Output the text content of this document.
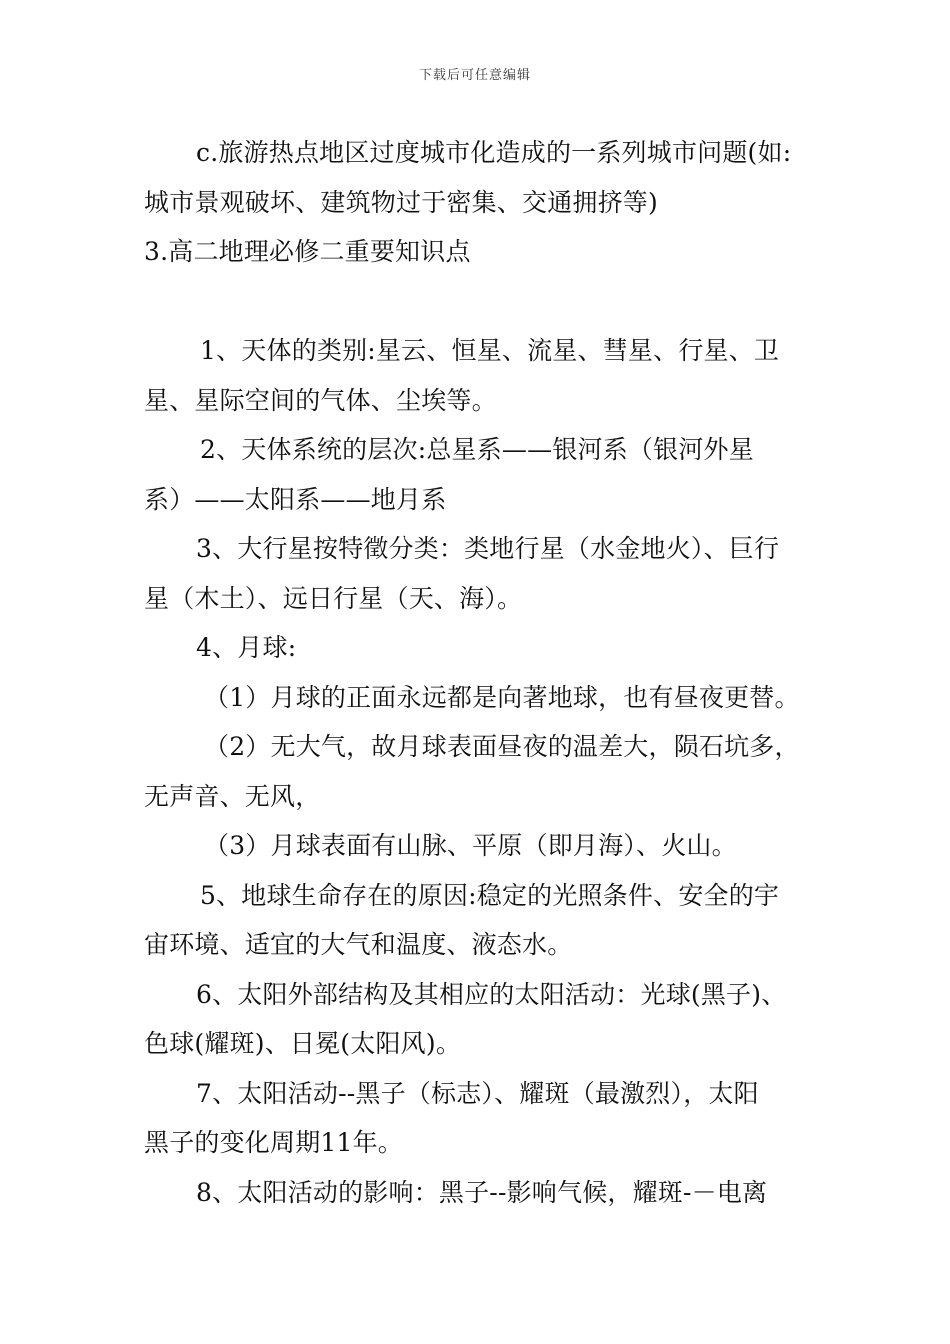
下载后可任意编辑
c.旅游热点地区过度城市化造成的一系列城市问题(如:
城市景观破坏、建筑物过于密集、交通拥挤等)
3.高二地理必修二重要知识点
1、天体的类别:星云、恒星、流星、彗星、行星、卫
星、星际空间的气体、尘埃等。
2、天体系统的层次:总星系——银河系（银河外星
系）——太阳系——地月系
3、大行星按特徵分类：类地行星（水金地火）、巨行
星（木土）、远日行星（天、海）。
4、月球:
（1）月球的正面永远都是向著地球，也有昼夜更替。
（2）无大气，故月球表面昼夜的温差大，陨石坑多，
无声音、无风，
（3）月球表面有山脉、平原（即月海）、火山。
5、地球生命存在的原因:稳定的光照条件、安全的宇
宙环境、适宜的大气和温度、液态水。
6、太阳外部结构及其相应的太阳活动：光球(黑子)、
色球(耀斑)、日冕(太阳风)。
7、太阳活动--黑子（标志）、耀斑（最激烈），太阳
黑子的变化周期11年。
8、太阳活动的影响：黑子--影响气候，耀斑-－电离
